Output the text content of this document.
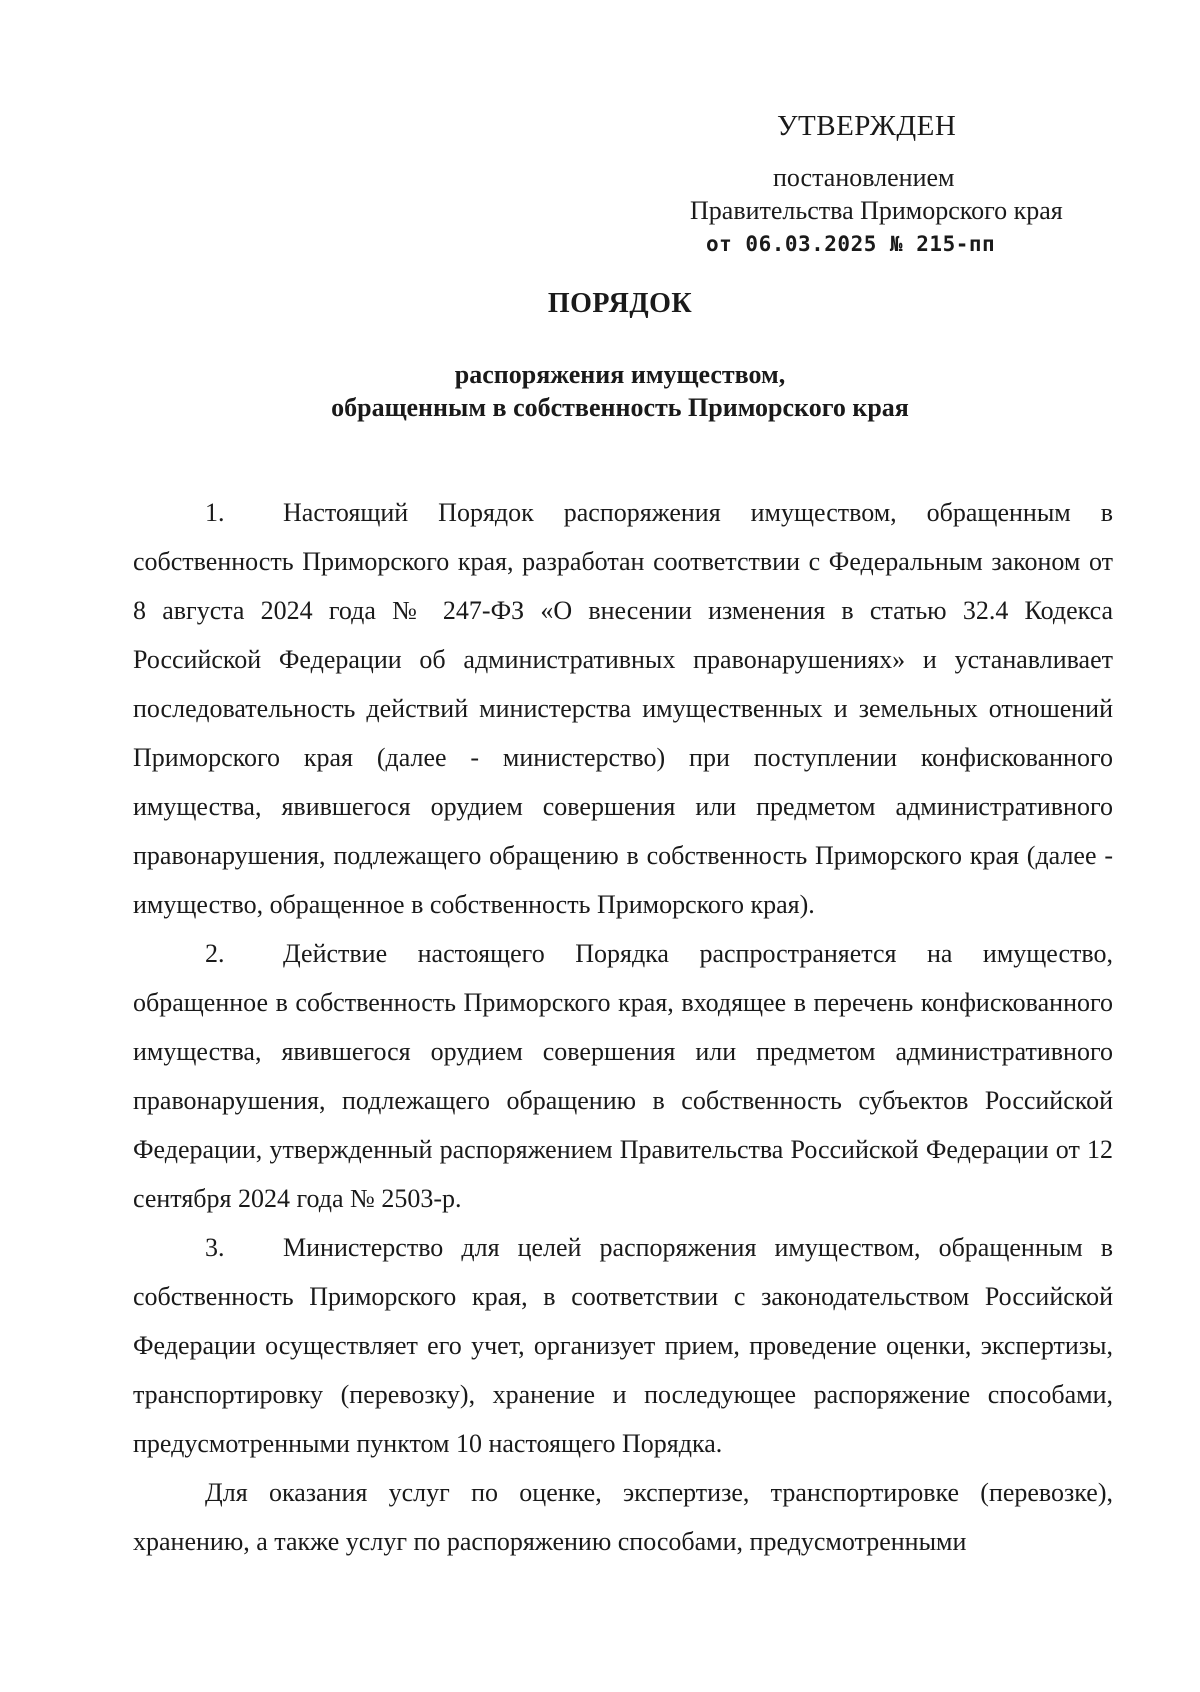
УТВЕРЖДЕН
постановлением
Правительства Приморского края
от 06.03.2025 № 215-пп
ПОРЯДОК
распоряжения имуществом,
обращенным в собственность Приморского края

1. Настоящий Порядок распоряжения имуществом, обращенным в собственность Приморского края, разработан соответствии с Федеральным законом от 8 августа 2024 года № 247-ФЗ «О внесении изменения в статью 32.4 Кодекса Российской Федерации об административных правонарушениях» и устанавливает последовательность действий министерства имущественных и земельных отношений Приморского края (далее - министерство) при поступлении конфискованного имущества, явившегося орудием совершения или предметом административного правонарушения, подлежащего обращению в собственность Приморского края (далее - имущество, обращенное в собственность Приморского края).

2. Действие настоящего Порядка распространяется на имущество, обращенное в собственность Приморского края, входящее в перечень конфискованного имущества, явившегося орудием совершения или предметом административного правонарушения, подлежащего обращению в собственность субъектов Российской Федерации, утвержденный распоряжением Правительства Российской Федерации от 12 сентября 2024 года № 2503-р.

3. Министерство для целей распоряжения имуществом, обращенным в собственность Приморского края, в соответствии с законодательством Российской Федерации осуществляет его учет, организует прием, проведение оценки, экспертизы, транспортировку (перевозку), хранение и последующее распоряжение способами, предусмотренными пунктом 10 настоящего Порядка.

Для оказания услуг по оценке, экспертизе, транспортировке (перевозке), хранению, а также услуг по распоряжению способами, предусмотренными
